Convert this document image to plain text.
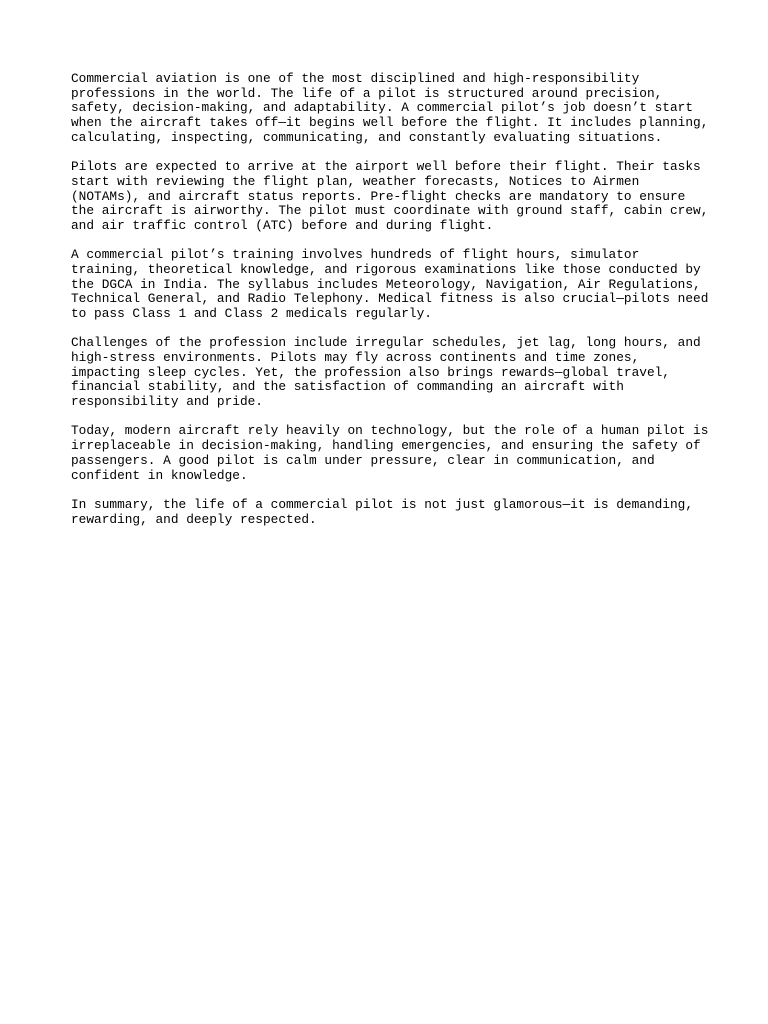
Commercial aviation is one of the most disciplined and high-responsibility
professions in the world. The life of a pilot is structured around precision,
safety, decision-making, and adaptability. A commercial pilot’s job doesn’t start
when the aircraft takes off—it begins well before the flight. It includes planning,
calculating, inspecting, communicating, and constantly evaluating situations.

Pilots are expected to arrive at the airport well before their flight. Their tasks
start with reviewing the flight plan, weather forecasts, Notices to Airmen
(NOTAMs), and aircraft status reports. Pre-flight checks are mandatory to ensure
the aircraft is airworthy. The pilot must coordinate with ground staff, cabin crew,
and air traffic control (ATC) before and during flight.

A commercial pilot’s training involves hundreds of flight hours, simulator
training, theoretical knowledge, and rigorous examinations like those conducted by
the DGCA in India. The syllabus includes Meteorology, Navigation, Air Regulations,
Technical General, and Radio Telephony. Medical fitness is also crucial—pilots need
to pass Class 1 and Class 2 medicals regularly.

Challenges of the profession include irregular schedules, jet lag, long hours, and
high-stress environments. Pilots may fly across continents and time zones,
impacting sleep cycles. Yet, the profession also brings rewards—global travel,
financial stability, and the satisfaction of commanding an aircraft with
responsibility and pride.

Today, modern aircraft rely heavily on technology, but the role of a human pilot is
irreplaceable in decision-making, handling emergencies, and ensuring the safety of
passengers. A good pilot is calm under pressure, clear in communication, and
confident in knowledge.

In summary, the life of a commercial pilot is not just glamorous—it is demanding,
rewarding, and deeply respected.
